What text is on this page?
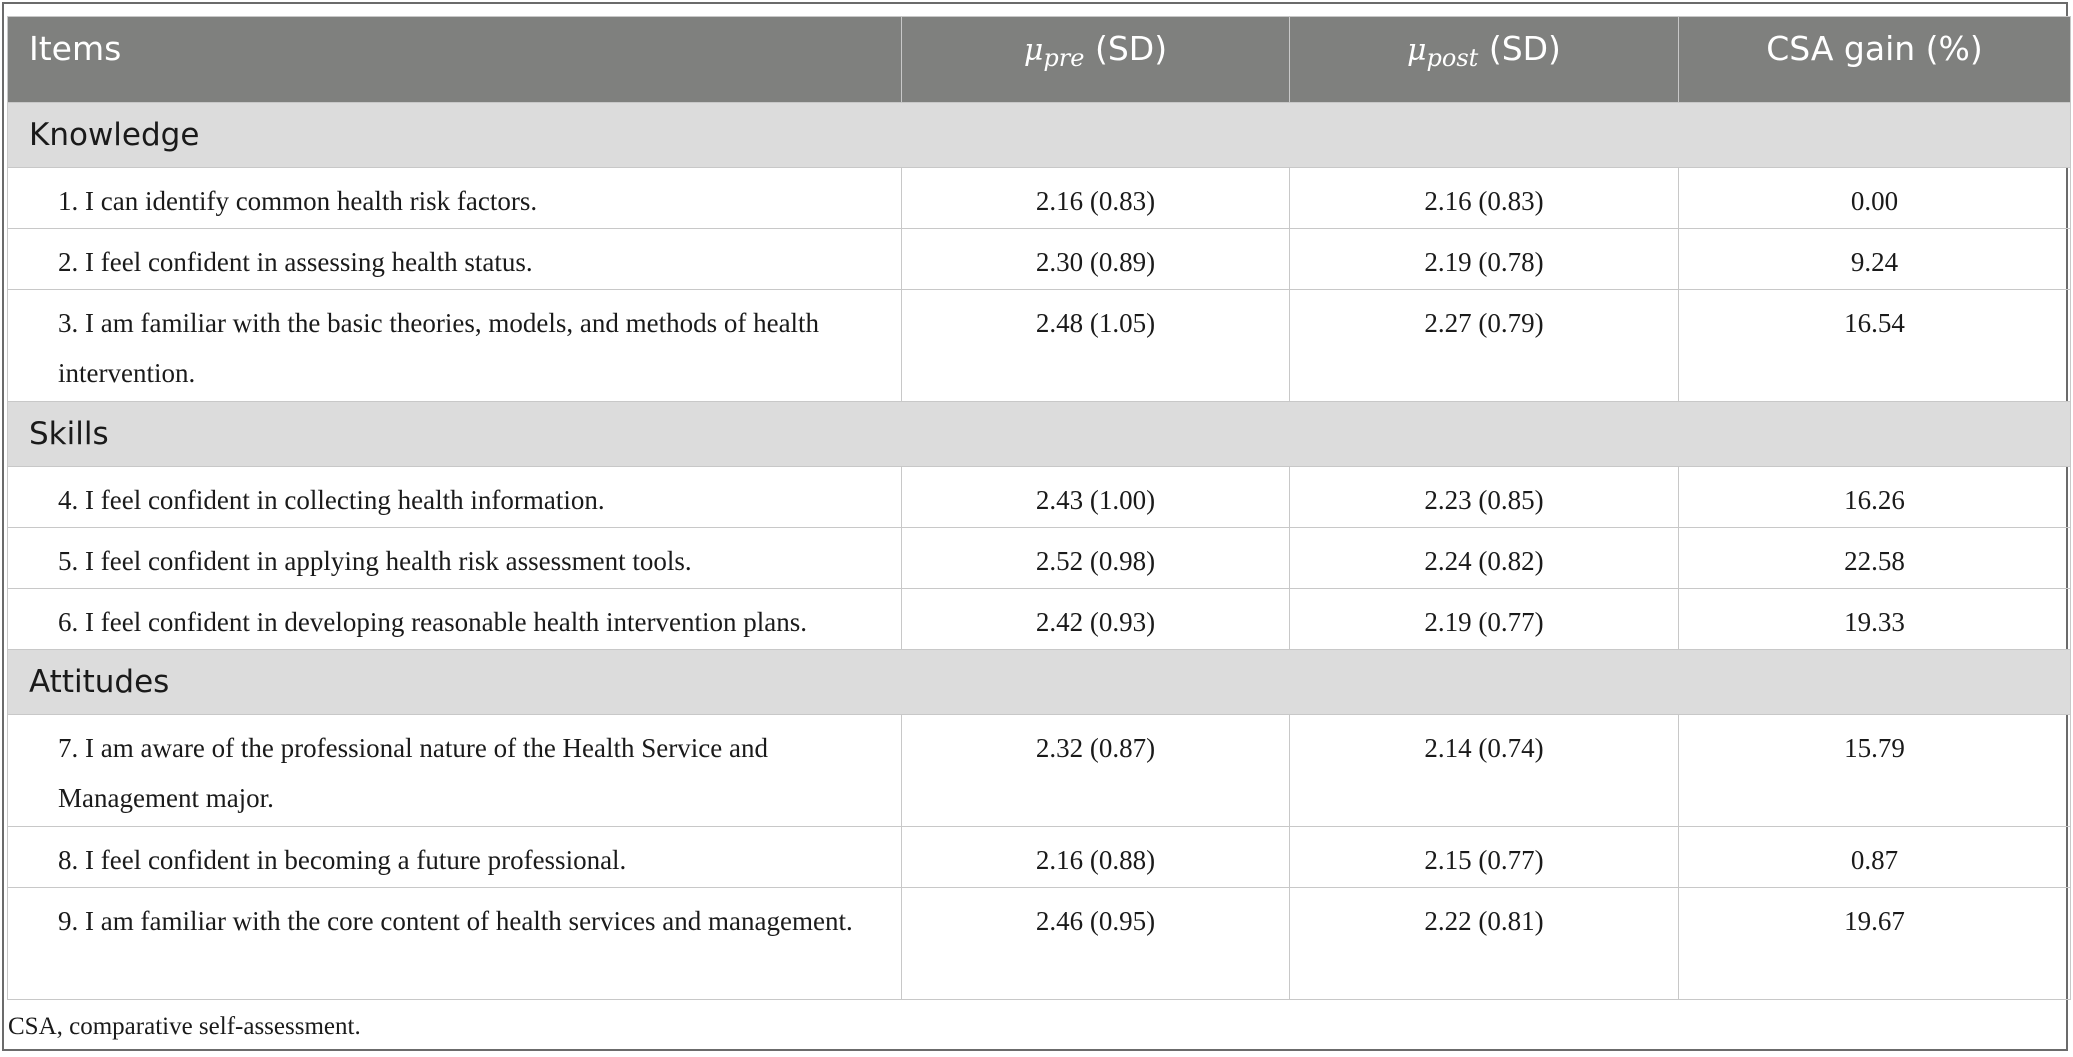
Items	$\mu_{pre}$ (SD)	$\mu_{post}$ (SD)	CSA gain (%)
Knowledge			
1. I can identify common health risk factors.	2.16 (0.83)	2.16 (0.83)	0.00
2. I feel confident in assessing health status.	2.30 (0.89)	2.19 (0.78)	9.24
3. I am familiar with the basic theories, models, and methods of health intervention.	2.48 (1.05)	2.27 (0.79)	16.54
Skills			
4. I feel confident in collecting health information.	2.43 (1.00)	2.23 (0.85)	16.26
5. I feel confident in applying health risk assessment tools.	2.52 (0.98)	2.24 (0.82)	22.58
6. I feel confident in developing reasonable health intervention plans.	2.42 (0.93)	2.19 (0.77)	19.33
Attitudes			
7. I am aware of the professional nature of the Health Service and Management major.	2.32 (0.87)	2.14 (0.74)	15.79
8. I feel confident in becoming a future professional.	2.16 (0.88)	2.15 (0.77)	0.87
9. I am familiar with the core content of health services and management.	2.46 (0.95)	2.22 (0.81)	19.67
CSA, comparative self-assessment.
